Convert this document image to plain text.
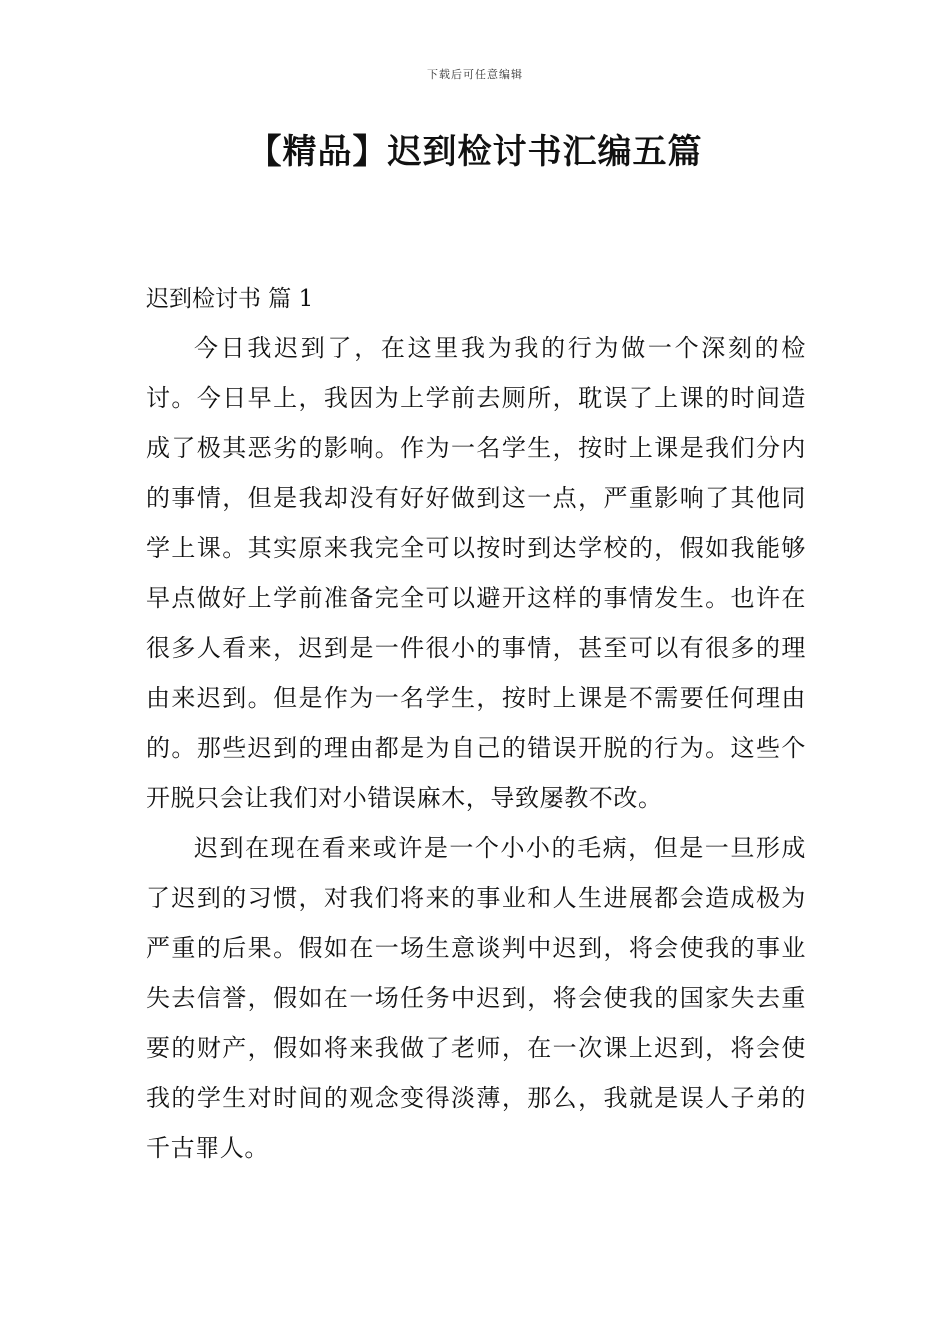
下载后可任意编辑
【精品】迟到检讨书汇编五篇
迟到检讨书 篇 1

今日我迟到了，在这里我为我的行为做一个深刻的检讨。今日早上，我因为上学前去厕所，耽误了上课的时间造成了极其恶劣的影响。作为一名学生，按时上课是我们分内的事情，但是我却没有好好做到这一点，严重影响了其他同学上课。其实原来我完全可以按时到达学校的，假如我能够早点做好上学前准备完全可以避开这样的事情发生。也许在很多人看来，迟到是一件很小的事情，甚至可以有很多的理由来迟到。但是作为一名学生，按时上课是不需要任何理由的。那些迟到的理由都是为自己的错误开脱的行为。这些个开脱只会让我们对小错误麻木，导致屡教不改。

迟到在现在看来或许是一个小小的毛病，但是一旦形成了迟到的习惯，对我们将来的事业和人生进展都会造成极为严重的后果。假如在一场生意谈判中迟到，将会使我的事业失去信誉，假如在一场任务中迟到，将会使我的国家失去重要的财产，假如将来我做了老师，在一次课上迟到，将会使我的学生对时间的观念变得淡薄，那么，我就是误人子弟的千古罪人。
